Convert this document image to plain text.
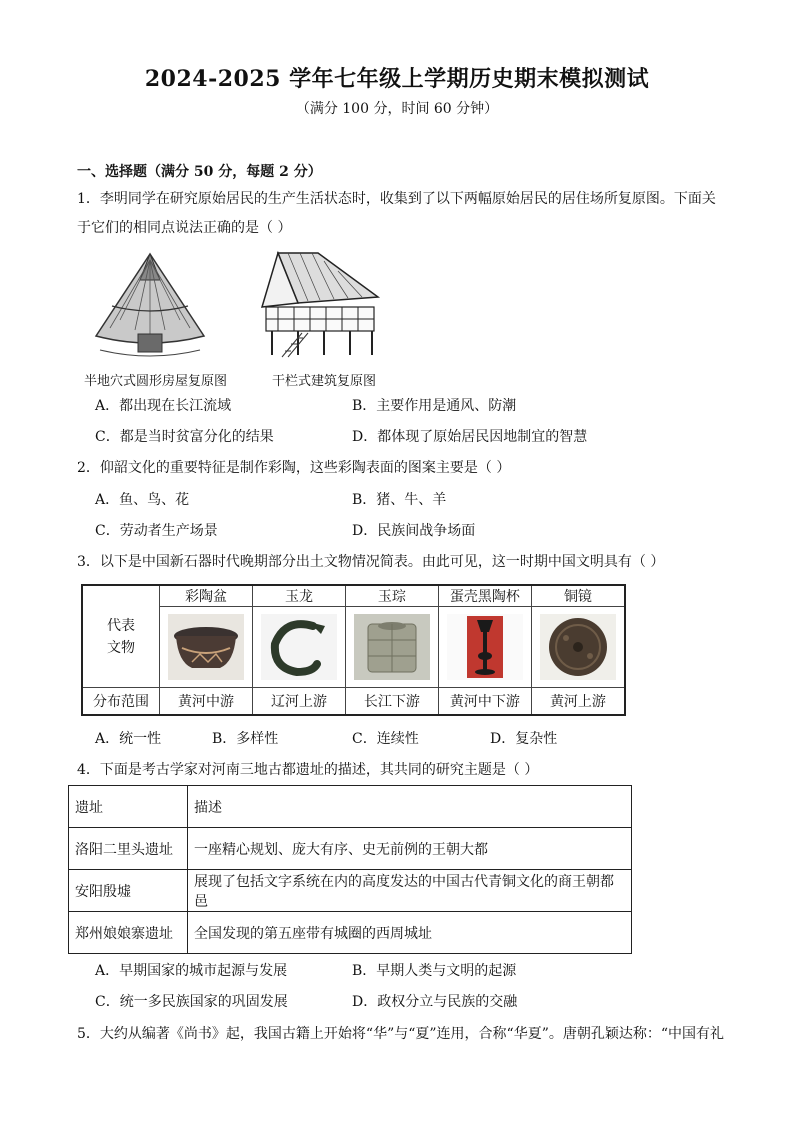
2024-2025 学年七年级上学期历史期末模拟测试
（满分 100 分，时间 60 分钟）
一、选择题（满分 50 分，每题 2 分）
1．李明同学在研究原始居民的生产生活状态时，收集到了以下两幅原始居民的居住场所复原图。下面关
于它们的相同点说法正确的是（ ）
半地穴式圆形房屋复原图	干栏式建筑复原图
A．都出现在长江流域	B．主要作用是通风、防潮
C．都是当时贫富分化的结果	D．都体现了原始居民因地制宜的智慧
2．仰韶文化的重要特征是制作彩陶，这些彩陶表面的图案主要是（ ）
A．鱼、鸟、花	B．猪、牛、羊
C．劳动者生产场景	D．民族间战争场面
3．以下是中国新石器时代晚期部分出土文物情况简表。由此可见，这一时期中国文明具有（ ）
代表
文物	彩陶盆	玉龙	玉琮	蛋壳黑陶杯	铜镜

分布范围	黄河中游	辽河上游	长江下游	黄河中下游	黄河上游
A．统一性	B．多样性	C．连续性	D．复杂性
4．下面是考古学家对河南三地古都遗址的描述，其共同的研究主题是（ ）
遗址	描述
洛阳二里头遗址	一座精心规划、庞大有序、史无前例的王朝大都
安阳殷墟	展现了包括文字系统在内的高度发达的中国古代青铜文化的商王朝都邑
郑州娘娘寨遗址	全国发现的第五座带有城圈的西周城址
A．早期国家的城市起源与发展	B．早期人类与文明的起源
C．统一多民族国家的巩固发展	D．政权分立与民族的交融
5．大约从编著《尚书》起，我国古籍上开始将“华”与“夏”连用，合称“华夏”。唐朝孔颖达称：“中国有礼
